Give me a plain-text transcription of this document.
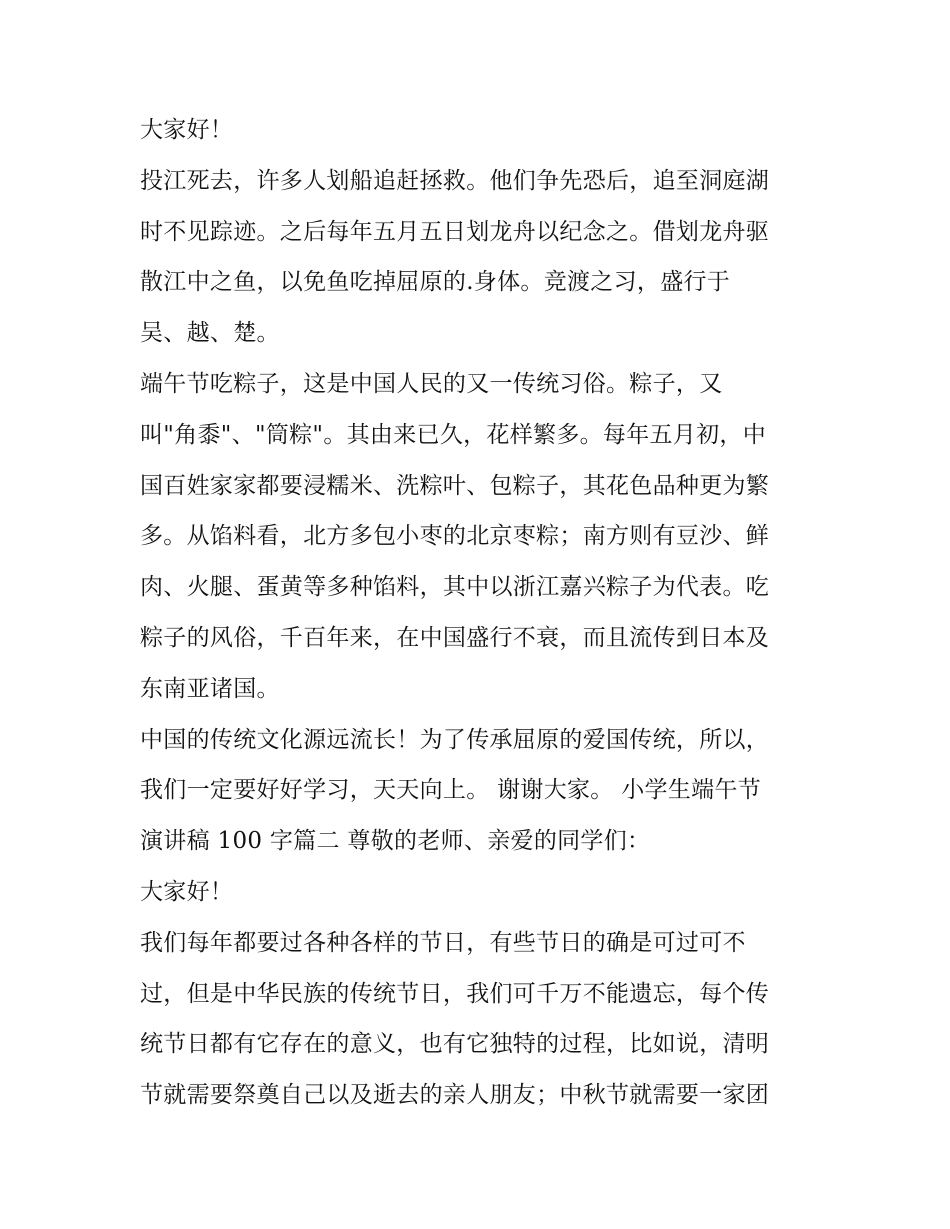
大家好！
投江死去，许多人划船追赶拯救。他们争先恐后，追至洞庭湖
时不见踪迹。之后每年五月五日划龙舟以纪念之。借划龙舟驱
散江中之鱼，以免鱼吃掉屈原的.身体。竞渡之习，盛行于
吴、越、楚。
端午节吃粽子，这是中国人民的又一传统习俗。粽子，又
叫"角黍"、"筒粽"。其由来已久，花样繁多。每年五月初，中
国百姓家家都要浸糯米、洗粽叶、包粽子，其花色品种更为繁
多。从馅料看，北方多包小枣的北京枣粽；南方则有豆沙、鲜
肉、火腿、蛋黄等多种馅料，其中以浙江嘉兴粽子为代表。吃
粽子的风俗，千百年来，在中国盛行不衰，而且流传到日本及
东南亚诸国。
中国的传统文化源远流长！为了传承屈原的爱国传统，所以，
我们一定要好好学习，天天向上。 谢谢大家。 小学生端午节
演讲稿 100 字篇二 尊敬的老师、亲爱的同学们：
大家好！
我们每年都要过各种各样的节日，有些节日的确是可过可不
过，但是中华民族的传统节日，我们可千万不能遗忘，每个传
统节日都有它存在的意义，也有它独特的过程，比如说，清明
节就需要祭奠自己以及逝去的亲人朋友；中秋节就需要一家团
